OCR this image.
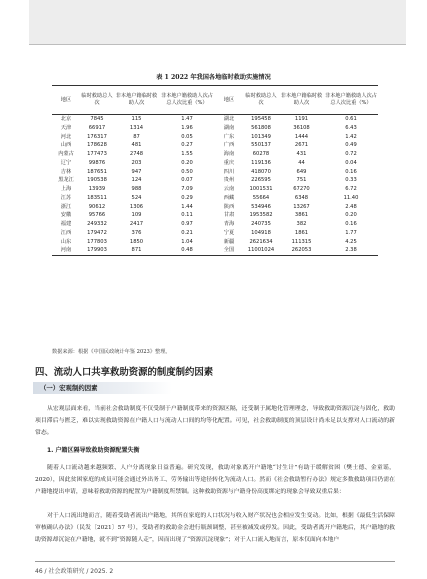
表 1 2022 年我国各地临时救助实施情况
地区	临时救助总人次	非本地户籍临时救助人次	非本地户籍救助人次占总人次比重（%）	地区	临时救助总人次	非本地户籍临时救助人次	非本地户籍救助人次占总人次比重（%）
北京	7845	115	1.47	湖北	195458	1191	0.61
天津	66917	1314	1.96	湖南	561808	36108	6.43
河北	176317	87	0.05	广东	101349	1444	1.42
山西	178628	481	0.27	广西	550137	2671	0.49
内蒙古	177473	2748	1.55	海南	60278	431	0.72
辽宁	99876	203	0.20	重庆	119136	44	0.04
吉林	187651	947	0.50	四川	418070	649	0.16
黑龙江	190538	124	0.07	贵州	226595	751	0.33
上海	13939	988	7.09	云南	1001531	67270	6.72
江苏	183511	524	0.29	西藏	55664	6348	11.40
浙江	90612	1306	1.44	陕西	534946	13267	2.48
安徽	95766	109	0.11	甘肃	1953582	3861	0.20
福建	249332	2417	0.97	青海	240735	382	0.16
江西	179472	376	0.21	宁夏	104918	1861	1.77
山东	177803	1850	1.04	新疆	2621634	111315	4.25
河南	179903	871	0.48	全国	11001024	262053	2.38
数据来源：根据《中国民政统计年鉴 2023》整理。
四、流动人口共享救助资源的制度制约因素
（一）宏观制约因素

从宏观层面来看，当前社会救助制度不仅受制于户籍制度带来的资源区隔，还受制于属地化管理理念，导致救助资源沉淀与固化，救助项目滞后与匮乏，难以实现救助资源在户籍人口与流动人口间的均等化配置。可见，社会救助制度的顶层设计尚未足以支撑对人口流动的新常态。

1. 户籍区隔导致救助资源配置失衡

随着人口流动越来越频繁、人户分离现象日益普遍。研究发现，救助对象离开户籍地“讨生计”有助于缓解贫困（樊士德、金童谣，2020），因此贫困家庭的成员可能会通过外出务工、劳务输出等途径转化为流动人口。然而《社会救助暂行办法》规定多数救助项目仍需在户籍地提出申请，意味着救助资源的配置为户籍制度所禁锢。这种救助资源与户籍身份高度绑定的现象会导致双重后果：

对于人口流出地而言，随着受助者流出户籍地，其所在家庭的人口状况与收入财产状况也会相应发生变动。比如，根据《最低生活保障审核确认办法》（民发〔2021〕57 号），受助者的救助金会进行瓶颈调整，甚至被减发或停发。因此，受助者离开户籍地后，其户籍地的救助资源却沉淀在户籍地，就不到“资源随人走”，因而出现了“资源沉淀现象”；对于人口流入地而言，原本仅面向本地户

46 / 社会政策研究 / 2025. 2
